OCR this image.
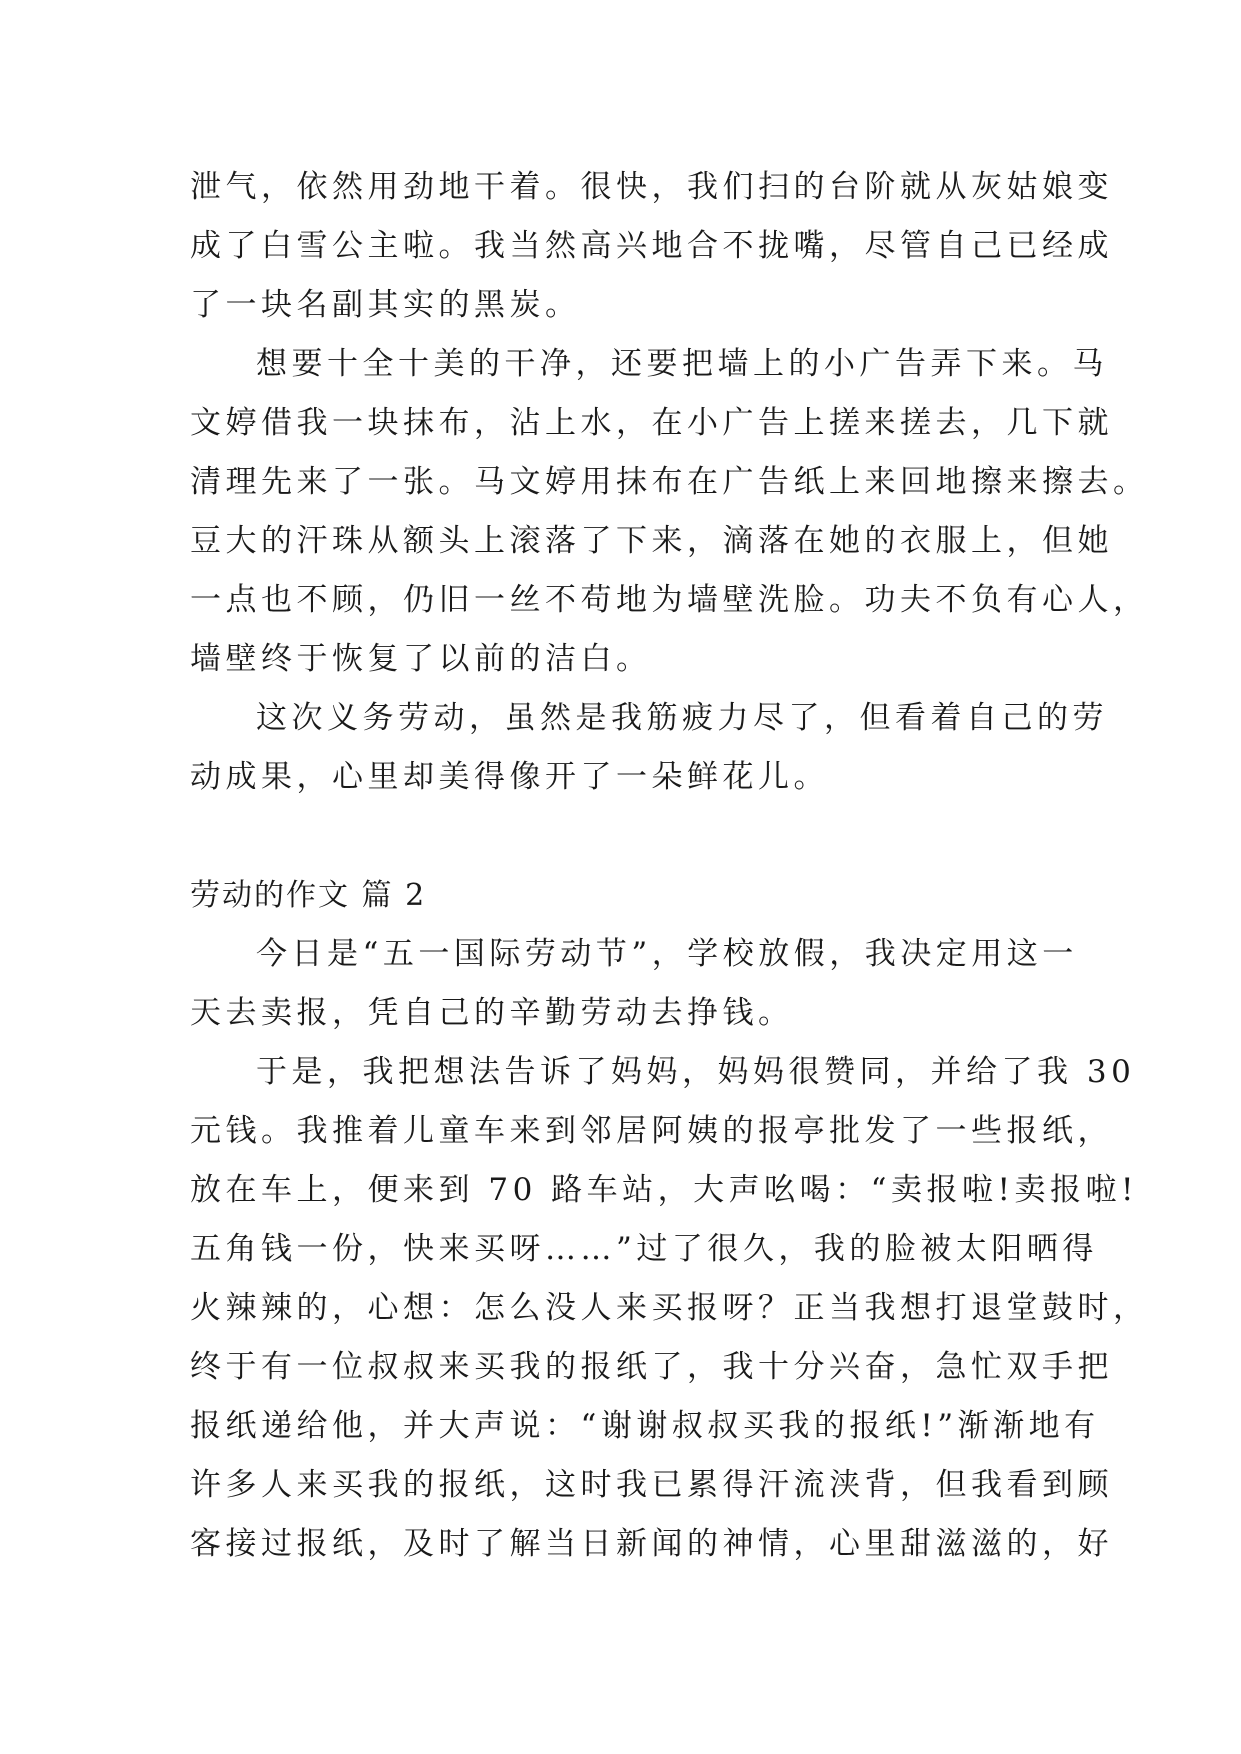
泄气，依然用劲地干着。很快，我们扫的台阶就从灰姑娘变
成了白雪公主啦。我当然高兴地合不拢嘴，尽管自己已经成
了一块名副其实的黑炭。
想要十全十美的干净，还要把墙上的小广告弄下来。马
文婷借我一块抹布，沾上水，在小广告上搓来搓去，几下就
清理先来了一张。马文婷用抹布在广告纸上来回地擦来擦去。
豆大的汗珠从额头上滚落了下来，滴落在她的衣服上，但她
一点也不顾，仍旧一丝不苟地为墙壁洗脸。功夫不负有心人，
墙壁终于恢复了以前的洁白。
这次义务劳动，虽然是我筋疲力尽了，但看着自己的劳
动成果，心里却美得像开了一朵鲜花儿。
劳动的作文 篇 2
今日是“五一国际劳动节”，学校放假，我决定用这一
天去卖报，凭自己的辛勤劳动去挣钱。
于是，我把想法告诉了妈妈，妈妈很赞同，并给了我 30
元钱。我推着儿童车来到邻居阿姨的报亭批发了一些报纸，
放在车上，便来到 70 路车站，大声吆喝：“卖报啦!卖报啦!
五角钱一份，快来买呀……”过了很久，我的脸被太阳晒得
火辣辣的，心想：怎么没人来买报呀？正当我想打退堂鼓时，
终于有一位叔叔来买我的报纸了，我十分兴奋，急忙双手把
报纸递给他，并大声说：“谢谢叔叔买我的报纸!”渐渐地有
许多人来买我的报纸，这时我已累得汗流浃背，但我看到顾
客接过报纸，及时了解当日新闻的神情，心里甜滋滋的，好
